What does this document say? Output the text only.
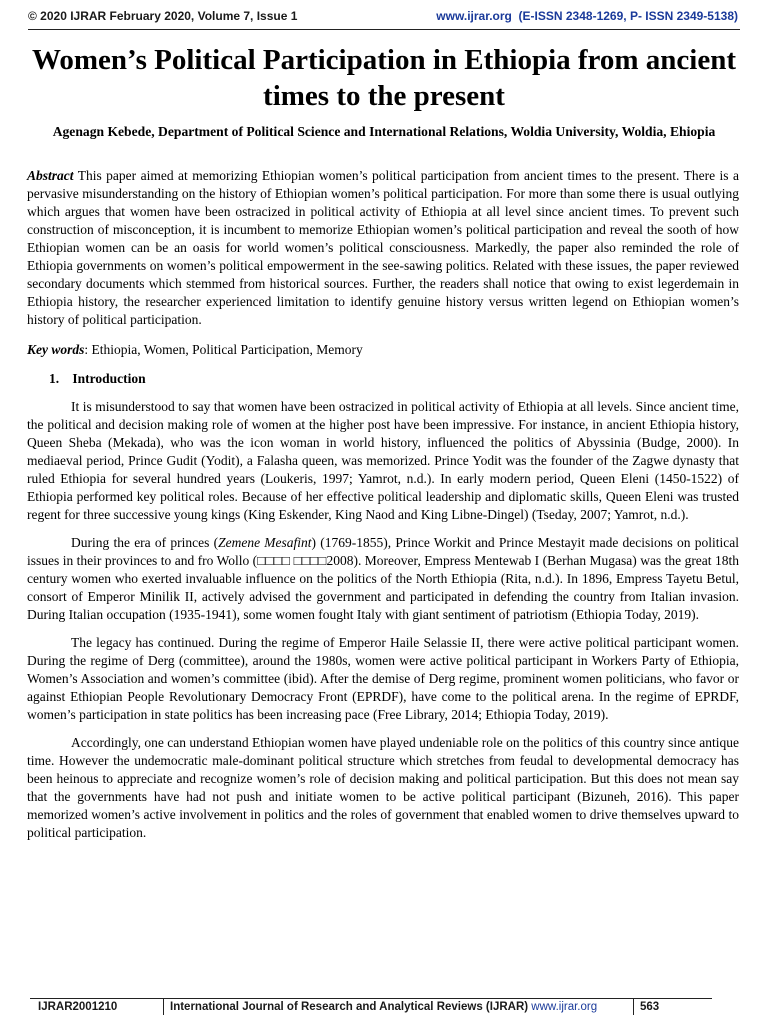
© 2020 IJRAR February 2020, Volume 7, Issue 1	www.ijrar.org (E-ISSN 2348-1269, P- ISSN 2349-5138)
Women’s Political Participation in Ethiopia from ancient times to the present
Agenagn Kebede, Department of Political Science and International Relations, Woldia University, Woldia, Ehiopia

Abstract This paper aimed at memorizing Ethiopian women’s political participation from ancient times to the present. There is a pervasive misunderstanding on the history of Ethiopian women’s political participation. For more than some there is usual outlying which argues that women have been ostracized in political activity of Ethiopia at all level since ancient times. To prevent such construction of misconception, it is incumbent to memorize Ethiopian women’s political participation and reveal the sooth of how Ethiopian women can be an oasis for world women’s political consciousness. Markedly, the paper also reminded the role of Ethiopia governments on women’s political empowerment in the see-sawing politics. Related with these issues, the paper reviewed secondary documents which stemmed from historical sources. Further, the readers shall notice that owing to exist legerdemain in Ethiopia history, the researcher experienced limitation to identify genuine history versus written legend on Ethiopian women’s history of political participation.

Key words: Ethiopia, Women, Political Participation, Memory

1. Introduction

It is misunderstood to say that women have been ostracized in political activity of Ethiopia at all levels. Since ancient time, the political and decision making role of women at the higher post have been impressive. For instance, in ancient Ethiopia history, Queen Sheba (Mekada), who was the icon woman in world history, influenced the politics of Abyssinia (Budge, 2000). In mediaeval period, Prince Gudit (Yodit), a Falasha queen, was memorized. Prince Yodit was the founder of the Zagwe dynasty that ruled Ethiopia for several hundred years (Loukeris, 1997; Yamrot, n.d.). In early modern period, Queen Eleni (1450-1522) of Ethiopia performed key political roles. Because of her effective political leadership and diplomatic skills, Queen Eleni was trusted regent for three successive young kings (King Eskender, King Naod and King Libne-Dingel) (Tseday, 2007; Yamrot, n.d.).

During the era of princes (Zemene Mesafint) (1769-1855), Prince Workit and Prince Mestayit made decisions on political issues in their provinces to and fro Wollo (□□□□ □□□□2008). Moreover, Empress Mentewab I (Berhan Mugasa) was the great 18th century women who exerted invaluable influence on the politics of the North Ethiopia (Rita, n.d.). In 1896, Empress Tayetu Betul, consort of Emperor Minilik II, actively advised the government and participated in defending the country from Italian invasion. During Italian occupation (1935-1941), some women fought Italy with giant sentiment of patriotism (Ethiopia Today, 2019).

The legacy has continued. During the regime of Emperor Haile Selassie II, there were active political participant women. During the regime of Derg (committee), around the 1980s, women were active political participant in Workers Party of Ethiopia, Women’s Association and women’s committee (ibid). After the demise of Derg regime, prominent women politicians, who favor or against Ethiopian People Revolutionary Democracy Front (EPRDF), have come to the political arena. In the regime of EPRDF, women’s participation in state politics has been increasing pace (Free Library, 2014; Ethiopia Today, 2019).

Accordingly, one can understand Ethiopian women have played undeniable role on the politics of this country since antique time. However the undemocratic male-dominant political structure which stretches from feudal to developmental democracy has been heinous to appreciate and recognize women’s role of decision making and political participation. But this does not mean say that the governments have had not push and initiate women to be active political participant (Bizuneh, 2016). This paper memorized women’s active involvement in politics and the roles of government that enabled women to drive themselves upward to political participation.

IJRAR2001210	International Journal of Research and Analytical Reviews (IJRAR) www.ijrar.org	563
